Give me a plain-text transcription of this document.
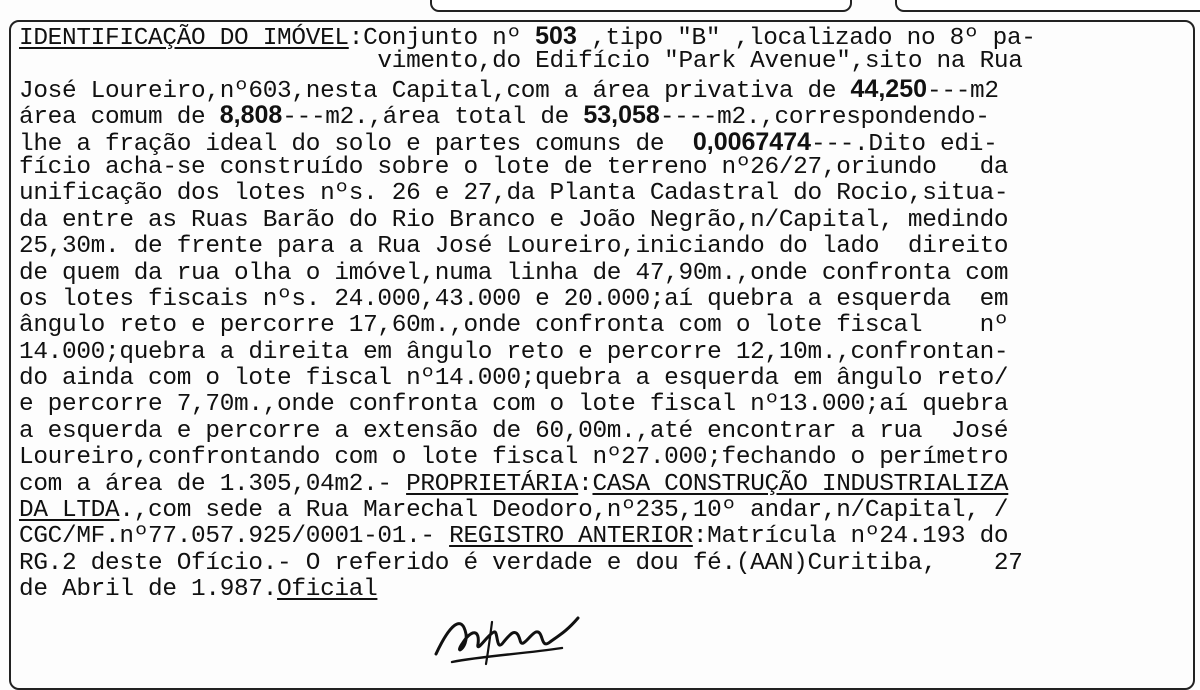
IDENTIFICAÇÃO DO IMÓVEL:Conjunto nº 503 ,tipo "B" ,localizado no 8º pa-
vimento,do Edifício "Park Avenue",sito na Rua
José Loureiro,nº603,nesta Capital,com a área privativa de 44,250---m2
área comum de 8,808---m2.,área total de 53,058----m2.,correspondendo-
lhe a fração ideal do solo e partes comuns de  0,0067474---.Dito edi-
fício acha-se construído sobre o lote de terreno nº26/27,oriundo   da
unificação dos lotes nºs. 26 e 27,da Planta Cadastral do Rocio,situa-
da entre as Ruas Barão do Rio Branco e João Negrão,n/Capital, medindo
25,30m. de frente para a Rua José Loureiro,iniciando do lado  direito
de quem da rua olha o imóvel,numa linha de 47,90m.,onde confronta com
os lotes fiscais nºs. 24.000,43.000 e 20.000;aí quebra a esquerda  em
ângulo reto e percorre 17,60m.,onde confronta com o lote fiscal    nº
14.000;quebra a direita em ângulo reto e percorre 12,10m.,confrontan-
do ainda com o lote fiscal nº14.000;quebra a esquerda em ângulo reto/
e percorre 7,70m.,onde confronta com o lote fiscal nº13.000;aí quebra
a esquerda e percorre a extensão de 60,00m.,até encontrar a rua  José
Loureiro,confrontando com o lote fiscal nº27.000;fechando o perímetro
com a área de 1.305,04m2.- PROPRIETÁRIA:CASA CONSTRUÇÃO INDUSTRIALIZA
DA LTDA.,com sede a Rua Marechal Deodoro,nº235,10º andar,n/Capital, /
CGC/MF.nº77.057.925/0001-01.- REGISTRO ANTERIOR:Matrícula nº24.193 do
RG.2 deste Ofício.- O referido é verdade e dou fé.(AAN)Curitiba,    27
de Abril de 1.987.Oficial
